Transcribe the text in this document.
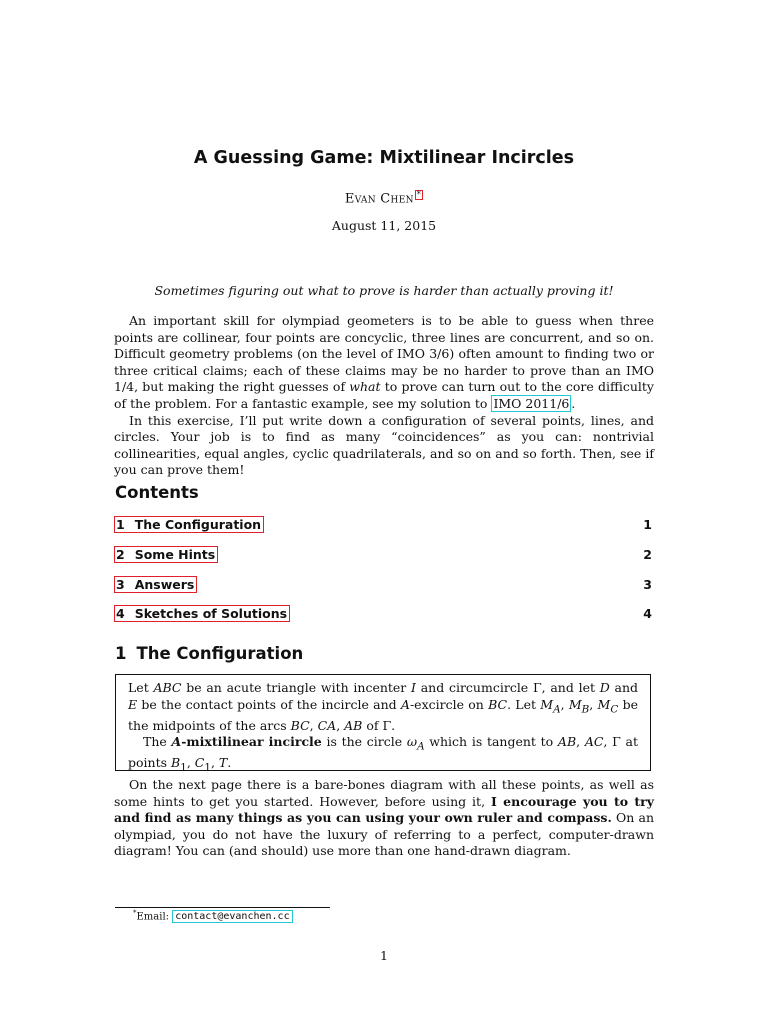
A Guessing Game: Mixtilinear Incircles
Evan Chen *
August 11, 2015
Sometimes figuring out what to prove is harder than actually proving it!

An important skill for olympiad geometers is to be able to guess when three points are collinear, four points are concyclic, three lines are concurrent, and so on. Difficult geometry problems (on the level of IMO 3/6) often amount to finding two or three critical claims; each of these claims may be no harder to prove than an IMO 1/4, but making the right guesses of what to prove can turn out to the core difficulty of the problem. For a fantastic example, see my solution to IMO 2011/6 .

In this exercise, I’ll put write down a configuration of several points, lines, and circles. Your job is to find as many “coincidences” as you can: nontrivial collinearities, equal angles, cyclic quadrilaterals, and so on and so forth. Then, see if you can prove them!

Contents
1 The Configuration	1
2 Some Hints	2
3 Answers	3
4 Sketches of Solutions	4
1 The Configuration

Let ABC be an acute triangle with incenter I and circumcircle Γ, and let D and E be the contact points of the incircle and A-excircle on BC. Let $M_A$, $M_B$, $M_C$ be the midpoints of the arcs BC, CA, AB of Γ.

The A-mixtilinear incircle is the circle $\omega_A$ which is tangent to AB, AC, Γ at points $B_1$, $C_1$, T.

On the next page there is a bare-bones diagram with all these points, as well as some hints to get you started. However, before using it, I encourage you to try and find as many things as you can using your own ruler and compass. On an olympiad, you do not have the luxury of referring to a perfect, computer-drawn diagram! You can (and should) use more than one hand-drawn diagram.

*Email: contact@evanchen.cc
1
